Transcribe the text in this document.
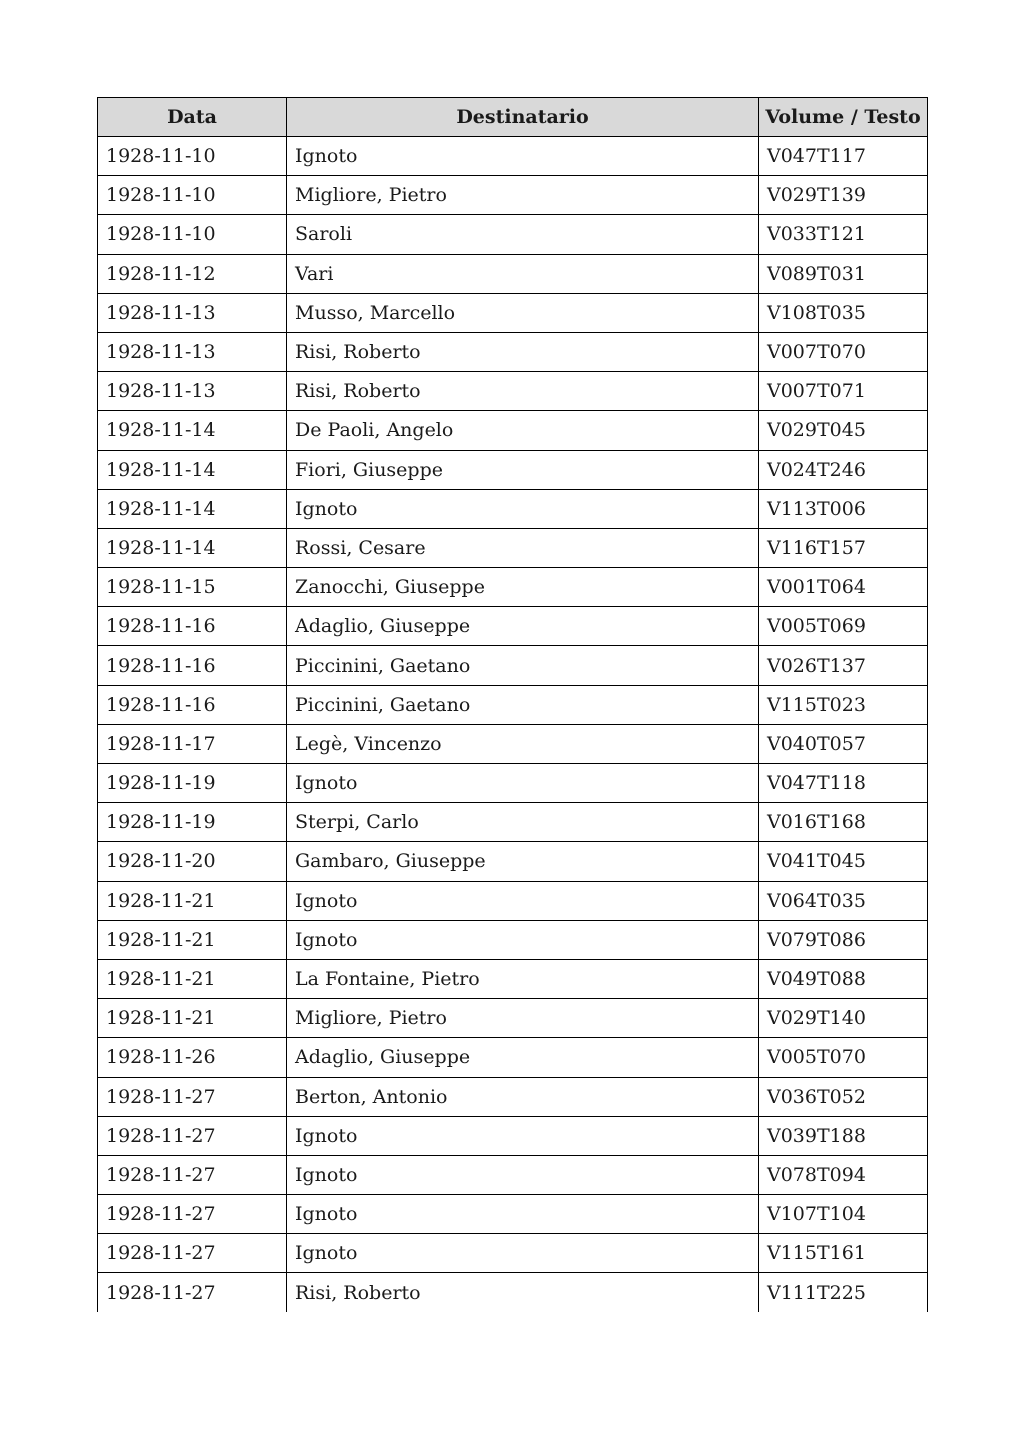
Data	Destinatario	Volume / Testo
1928-11-10	Ignoto	V047T117
1928-11-10	Migliore, Pietro	V029T139
1928-11-10	Saroli	V033T121
1928-11-12	Vari	V089T031
1928-11-13	Musso, Marcello	V108T035
1928-11-13	Risi, Roberto	V007T070
1928-11-13	Risi, Roberto	V007T071
1928-11-14	De Paoli, Angelo	V029T045
1928-11-14	Fiori, Giuseppe	V024T246
1928-11-14	Ignoto	V113T006
1928-11-14	Rossi, Cesare	V116T157
1928-11-15	Zanocchi, Giuseppe	V001T064
1928-11-16	Adaglio, Giuseppe	V005T069
1928-11-16	Piccinini, Gaetano	V026T137
1928-11-16	Piccinini, Gaetano	V115T023
1928-11-17	Legè, Vincenzo	V040T057
1928-11-19	Ignoto	V047T118
1928-11-19	Sterpi, Carlo	V016T168
1928-11-20	Gambaro, Giuseppe	V041T045
1928-11-21	Ignoto	V064T035
1928-11-21	Ignoto	V079T086
1928-11-21	La Fontaine, Pietro	V049T088
1928-11-21	Migliore, Pietro	V029T140
1928-11-26	Adaglio, Giuseppe	V005T070
1928-11-27	Berton, Antonio	V036T052
1928-11-27	Ignoto	V039T188
1928-11-27	Ignoto	V078T094
1928-11-27	Ignoto	V107T104
1928-11-27	Ignoto	V115T161
1928-11-27	Risi, Roberto	V111T225
